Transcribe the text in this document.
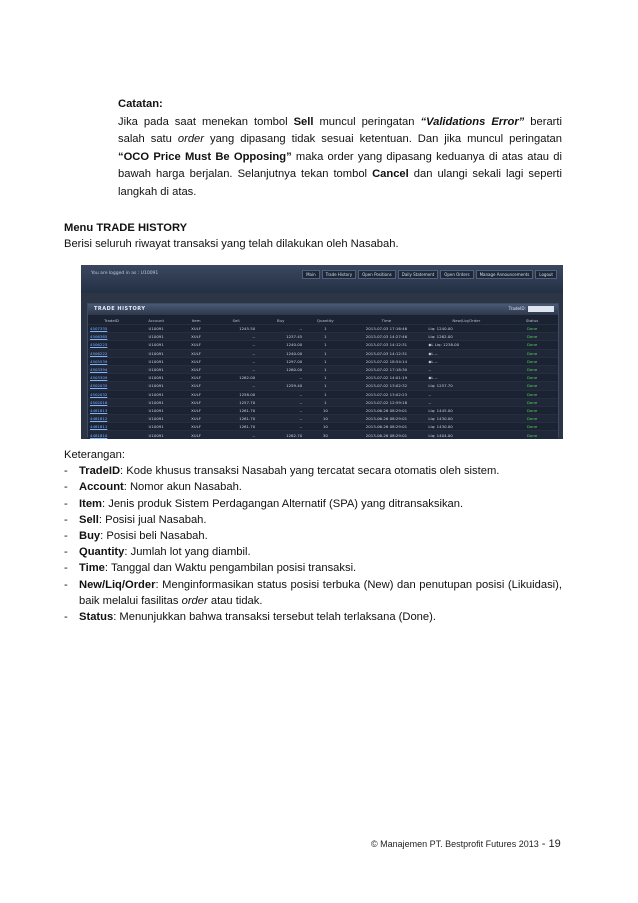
Catatan:
Jika pada saat menekan tombol Sell muncul peringatan “Validations Error” berarti salah satu order yang dipasang tidak sesuai ketentuan. Dan jika muncul peringatan “OCO Price Must Be Opposing” maka order yang dipasang keduanya di atas atau di bawah harga berjalan. Selanjutnya tekan tombol Cancel dan ulangi sekali lagi seperti langkah di atas.
Menu TRADE HISTORY
Berisi seluruh riwayat transaksi yang telah dilakukan oleh Nasabah.
You are logged in as : U10091	Main	Trade History	Open Positions	Daily Statement	Open Orders	Manage Announcements	Logout
TRADE HISTORY	TradeID:
TradeID	Account	Item	Sell	Buy	Quantity	Time	New/Liq/Order	Status
4507335	U10091	XULF	1245.50	--	1	2013-07-03 17:16:46	Liq: 1240.00	Done
4506385	U10091	XULF	--	1237.45	1	2013-07-03 14:27:46	Liq: 1262.00	Done
4506223	U10091	XULF	--	1240.00	1	2013-07-03 14:12:31	◆L Liq: 1238.00	Done
4506222	U10091	XULF	--	1240.00	1	2013-07-03 14:12:31	◆L --	Done
4505539	U10091	XULF	--	1297.00	1	2013-07-02 18:54:14	◆L --	Done
4503394	U10091	XULF	--	1260.00	1	2013-07-02 17:18:30	--	Done
4503309	U10091	XULF	1262.00	--	1	2013-07-02 14:01:19	◆L --	Done
4502035	U10091	XULF	--	1259.40	1	2013-07-02 13:02:32	Liq: 1257.70	Done
4502032	U10091	XULF	1258.00	--	1	2013-07-02 13:02:23	--	Done
4502016	U10091	XULF	1257.70	--	1	2013-07-02 12:59:18	--	Done
4481813	U10091	XULF	1261.70	--	10	2013-06-26 08:29:01	Liq: 1445.00	Done
4481812	U10091	XULF	1261.70	--	10	2013-06-26 08:29:01	Liq: 1430.00	Done
4481811	U10091	XULF	1261.70	--	10	2013-06-26 08:29:01	Liq: 1430.00	Done
4481810	U10091	XULF	--	1262.70	30	2013-06-26 08:29:01	Liq: 1404.00	Done
Keterangan:
-	TradeID: Kode khusus transaksi Nasabah yang tercatat secara otomatis oleh sistem.
-	Account: Nomor akun Nasabah.
-	Item: Jenis produk Sistem Perdagangan Alternatif (SPA) yang ditransaksikan.
-	Sell: Posisi jual Nasabah.
-	Buy: Posisi beli Nasabah.
-	Quantity: Jumlah lot yang diambil.
-	Time: Tanggal dan Waktu pengambilan posisi transaksi.
-	New/Liq/Order: Menginformasikan status posisi terbuka (New) dan penutupan posisi (Likuidasi), baik melalui fasilitas order atau tidak.
-	Status: Menunjukkan bahwa transaksi tersebut telah terlaksana (Done).
© Manajemen PT. Bestprofit Futures 2013 - 19
